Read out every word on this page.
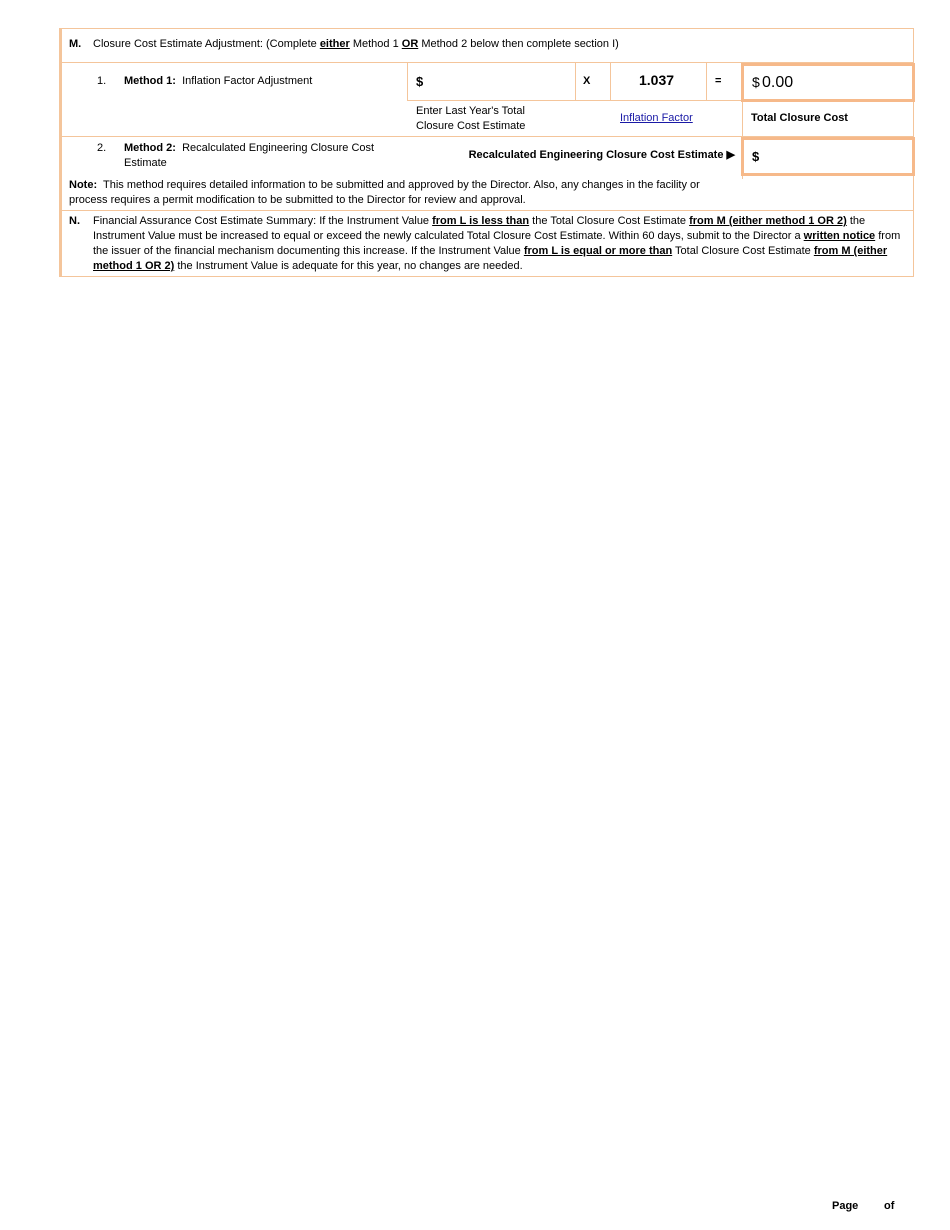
M. Closure Cost Estimate Adjustment: (Complete either Method 1 OR Method 2 below then complete section I)
1. Method 1: Inflation Factor Adjustment	$	X	1.037	= $ 0.00
Enter Last Year's Total
Closure Cost Estimate
Inflation Factor	Total Closure Cost
2. Method 2: Recalculated Engineering Closure Cost
Estimate
Recalculated Engineering Closure Cost Estimate ▶ $
Note: This method requires detailed information to be submitted and approved by the Director. Also, any changes in the facility or
process requires a permit modification to be submitted to the Director for review and approval.
N. Financial Assurance Cost Estimate Summary: If the Instrument Value from L is less than the Total Closure Cost Estimate from M (either method 1 OR 2) the Instrument Value must be increased to equal or exceed the newly calculated Total Closure Cost Estimate. Within 60 days, submit to the Director a written notice from the issuer of the financial mechanism documenting this increase. If the Instrument Value from L is equal or more than Total Closure Cost Estimate from M (either method 1 OR 2) the Instrument Value is adequate for this year, no changes are needed.
Page of
